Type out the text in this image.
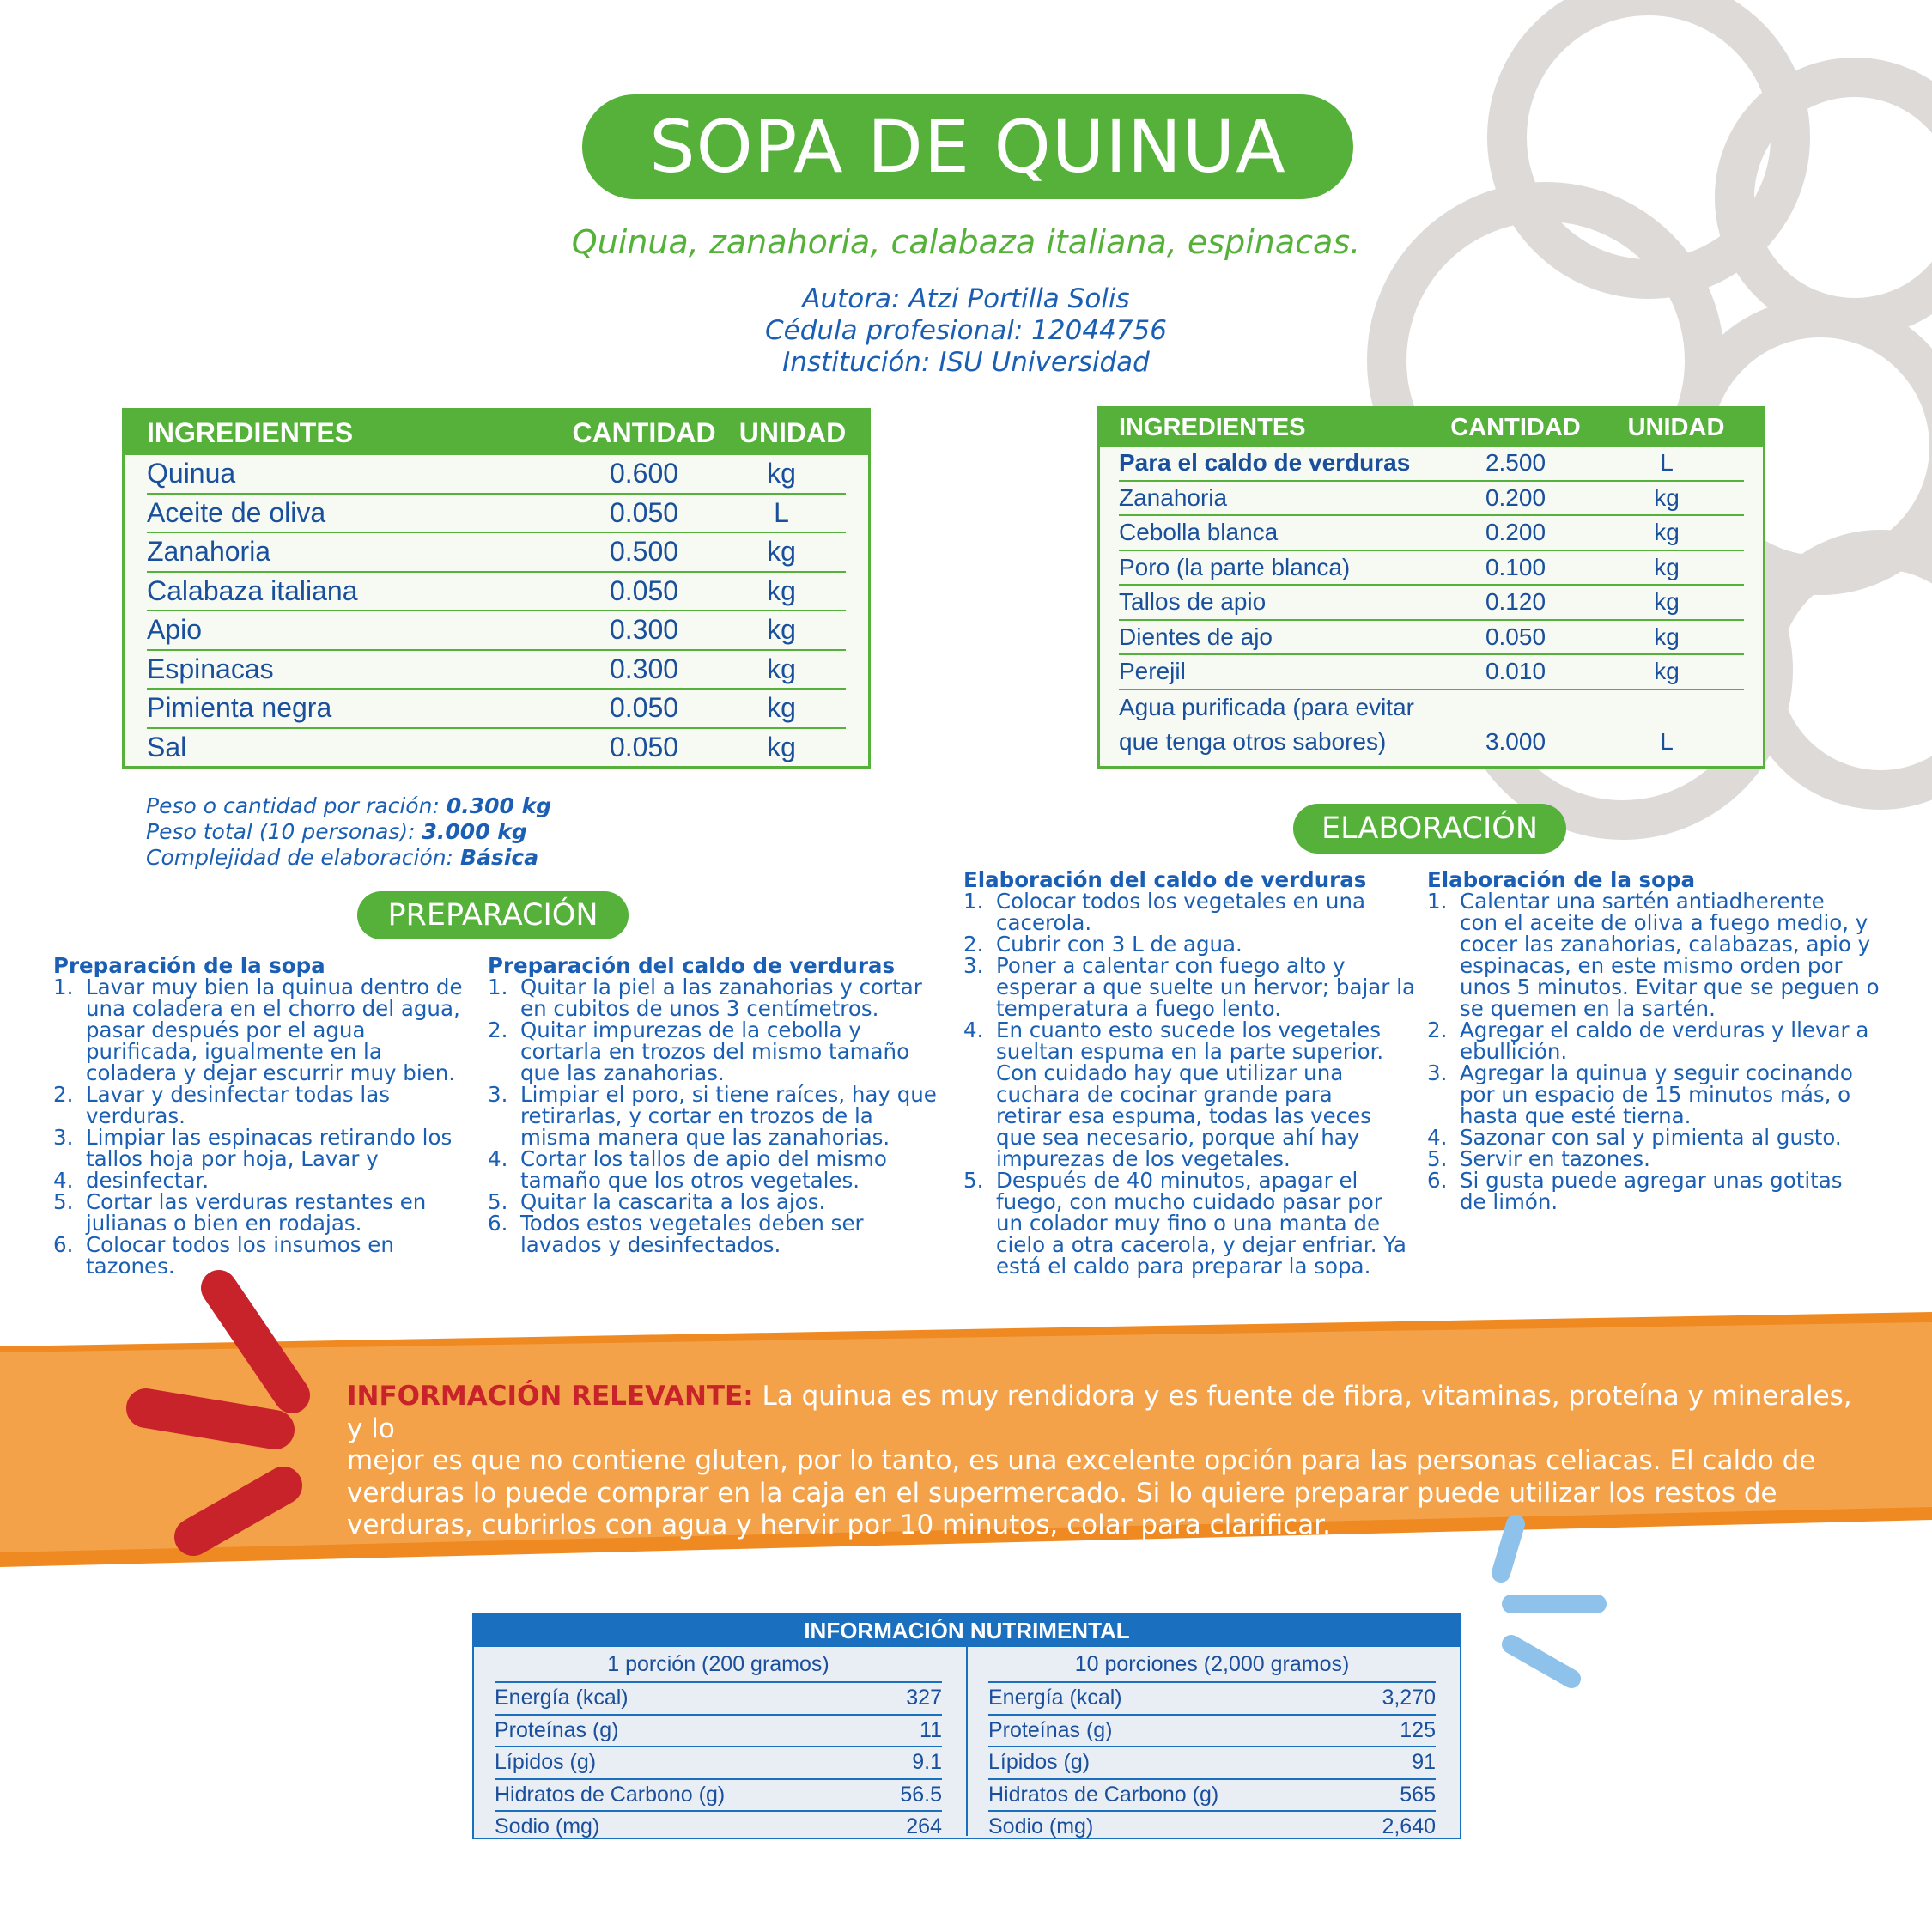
SOPA DE QUINUA
Quinua, zanahoria, calabaza italiana, espinacas.
Autora: Atzi Portilla Solis
Cédula profesional: 12044756
Institución: ISU Universidad
INGREDIENTES	CANTIDAD UNIDAD
Quinua	0.600	kg
Aceite de oliva	0.050	L
Zanahoria	0.500	kg
Calabaza italiana	0.050	kg
Apio	0.300	kg
Espinacas	0.300	kg
Pimienta negra	0.050	kg
Sal	0.050	kg
INGREDIENTES	CANTIDAD	UNIDAD
Para el caldo de verduras	2.500	L
Zanahoria	0.200	kg
Cebolla blanca	0.200	kg
Poro (la parte blanca)	0.100	kg
Tallos de apio	0.120	kg
Dientes de ajo	0.050	kg
Perejil	0.010	kg
Agua purificada (para evitar
que tenga otros sabores)	3.000	L
Peso o cantidad por ración: 0.300 kg
Peso total (10 personas): 3.000 kg
Complejidad de elaboración: Básica
PREPARACIÓN
ELABORACIÓN
Preparación de la sopa
1. Lavar muy bien la quinua dentro de
una coladera en el chorro del agua,
pasar después por el agua
purificada, igualmente en la
coladera y dejar escurrir muy bien.
2. Lavar y desinfectar todas las
verduras.
3. Limpiar las espinacas retirando los
tallos hoja por hoja, Lavar y
4. desinfectar.
5. Cortar las verduras restantes en
julianas o bien en rodajas.
6. Colocar todos los insumos en
tazones.
Preparación del caldo de verduras
1. Quitar la piel a las zanahorias y cortar
en cubitos de unos 3 centímetros.
2. Quitar impurezas de la cebolla y
cortarla en trozos del mismo tamaño
que las zanahorias.
3. Limpiar el poro, si tiene raíces, hay que
retirarlas, y cortar en trozos de la
misma manera que las zanahorias.
4. Cortar los tallos de apio del mismo
tamaño que los otros vegetales.
5. Quitar la cascarita a los ajos.
6. Todos estos vegetales deben ser
lavados y desinfectados.
Elaboración del caldo de verduras
1. Colocar todos los vegetales en una
cacerola.
2. Cubrir con 3 L de agua.
3. Poner a calentar con fuego alto y
esperar a que suelte un hervor; bajar la
temperatura a fuego lento.
4. En cuanto esto sucede los vegetales
sueltan espuma en la parte superior.
Con cuidado hay que utilizar una
cuchara de cocinar grande para
retirar esa espuma, todas las veces
que sea necesario, porque ahí hay
impurezas de los vegetales.
5. Después de 40 minutos, apagar el
fuego, con mucho cuidado pasar por
un colador muy fino o una manta de
cielo a otra cacerola, y dejar enfriar. Ya
está el caldo para preparar la sopa.
Elaboración de la sopa
1. Calentar una sartén antiadherente
con el aceite de oliva a fuego medio, y
cocer las zanahorias, calabazas, apio y
espinacas, en este mismo orden por
unos 5 minutos. Evitar que se peguen o
se quemen en la sartén.
2. Agregar el caldo de verduras y llevar a
ebullición.
3. Agregar la quinua y seguir cocinando
por un espacio de 15 minutos más, o
hasta que esté tierna.
4. Sazonar con sal y pimienta al gusto.
5. Servir en tazones.
6. Si gusta puede agregar unas gotitas
de limón.
INFORMACIÓN RELEVANTE: La quinua es muy rendidora y es fuente de fibra, vitaminas, proteína y minerales, y lo
mejor es que no contiene gluten, por lo tanto, es una excelente opción para las personas celiacas. El caldo de
verduras lo puede comprar en la caja en el supermercado. Si lo quiere preparar puede utilizar los restos de
verduras, cubrirlos con agua y hervir por 10 minutos, colar para clarificar.
INFORMACIÓN NUTRIMENTAL
1 porción (200 gramos)
Energía (kcal)	327
Proteínas (g)	11
Lípidos (g)	9.1
Hidratos de Carbono (g)	56.5
Sodio (mg)	264
10 porciones (2,000 gramos)
Energía (kcal)	3,270
Proteínas (g)	125
Lípidos (g)	91
Hidratos de Carbono (g)	565
Sodio (mg)	2,640
